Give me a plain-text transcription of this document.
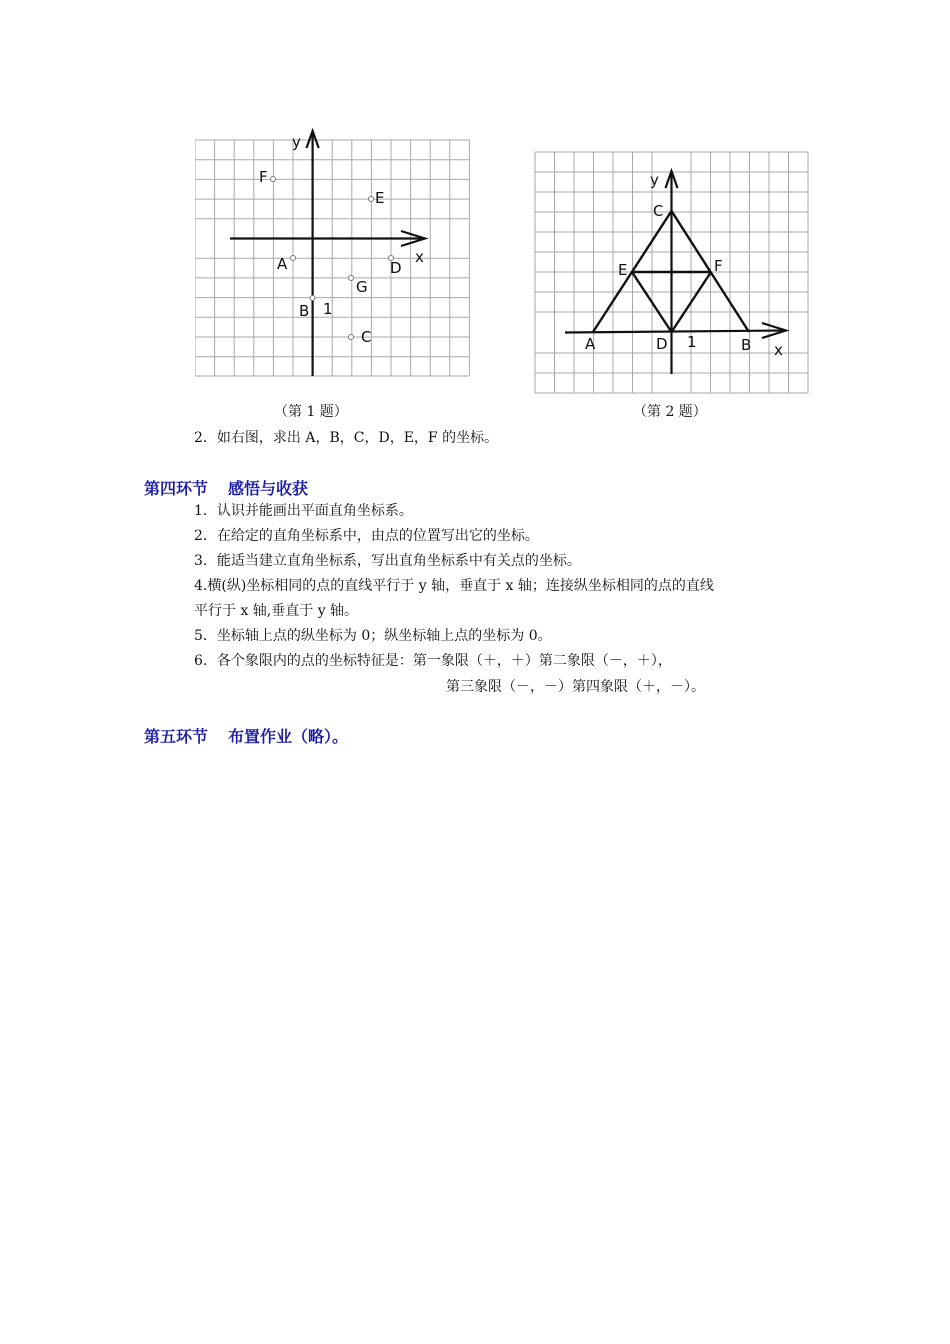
y
x
F
E
A	D
G
B 1
C
y
x
C
E	F
A	D 1	B
（第 1 题）	（第 2 题）
2．如右图，求出 A，B，C，D，E，F 的坐标。
第四环节 感悟与收获
1．认识并能画出平面直角坐标系。
2．在给定的直角坐标系中，由点的位置写出它的坐标。
3．能适当建立直角坐标系，写出直角坐标系中有关点的坐标。
4.横(纵)坐标相同的点的直线平行于 y 轴，垂直于 x 轴；连接纵坐标相同的点的直线
平行于 x 轴,垂直于 y 轴。
5．坐标轴上点的纵坐标为 0；纵坐标轴上点的坐标为 0。
6．各个象限内的点的坐标特征是：第一象限（＋，＋）第二象限（－，＋），
第三象限（－，－）第四象限（＋，－）。
第五环节 布置作业（略）。
